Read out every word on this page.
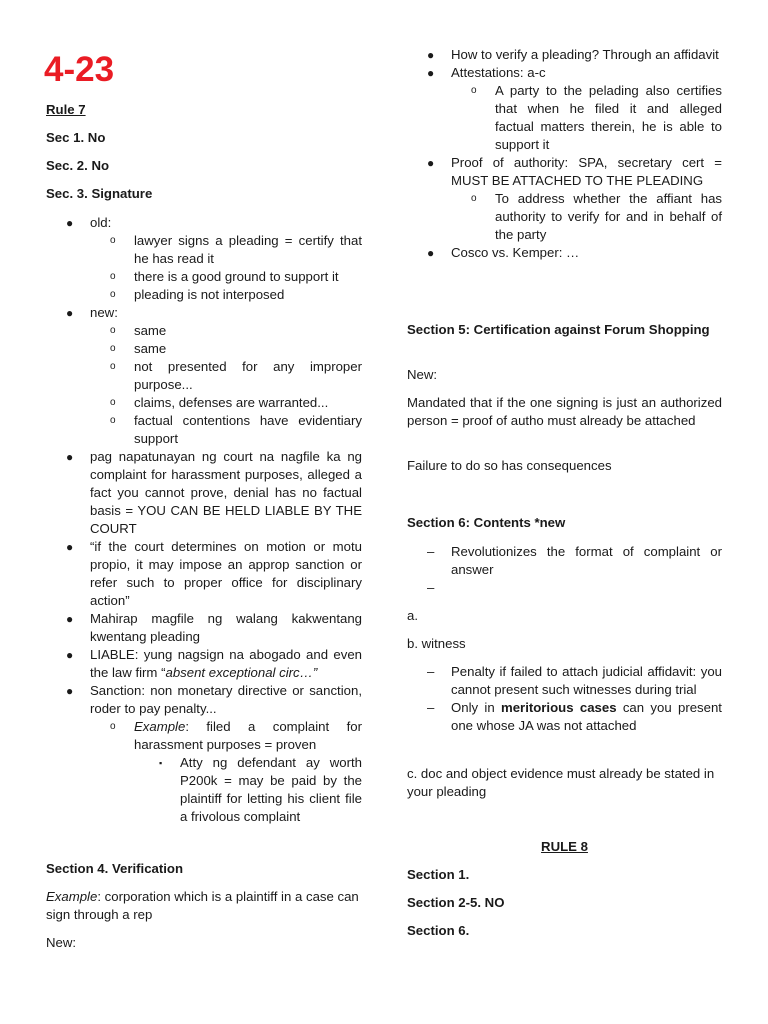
4-23

Rule 7

Sec 1. No

Sec. 2. No

Sec. 3. Signature

● old:
o lawyer signs a pleading = certify that he has read it
o there is a good ground to support it
o pleading is not interposed
● new:
o same
o same
o not presented for any improper purpose...
o claims, defenses are warranted...
o factual contentions have evidentiary support
● pag napatunayan ng court na nagfile ka ng complaint for harassment purposes, alleged a fact you cannot prove, denial has no factual basis = YOU CAN BE HELD LIABLE BY THE COURT
● “if the court determines on motion or motu propio, it may impose an approp sanction or refer such to proper office for disciplinary action”
● Mahirap magfile ng walang kakwentang kwentang pleading
● LIABLE: yung nagsign na abogado and even the law firm “absent exceptional circ…”
● Sanction: non monetary directive or sanction, roder to pay penalty...
o Example: filed a complaint for harassment purposes = proven
▪ Atty ng defendant ay worth P200k = may be paid by the plaintiff for letting his client file a frivolous complaint

Section 4. Verification

Example: corporation which is a plaintiff in a case can sign through a rep

New:

● How to verify a pleading? Through an affidavit
● Attestations: a-c
o A party to the pelading also certifies that when he filed it and alleged factual matters therein, he is able to support it
● Proof of authority: SPA, secretary cert = MUST BE ATTACHED TO THE PLEADING
o To address whether the affiant has authority to verify for and in behalf of the party
● Cosco vs. Kemper: …

Section 5: Certification against Forum Shopping

New:

Mandated that if the one signing is just an authorized person = proof of autho must already be attached

Failure to do so has consequences

Section 6: Contents *new

– Revolutionizes the format of complaint or answer
–

a.

b. witness

– Penalty if failed to attach judicial affidavit: you cannot present such witnesses during trial
– Only in meritorious cases can you present one whose JA was not attached

c. doc and object evidence must already be stated in your pleading

RULE 8

Section 1.

Section 2-5. NO

Section 6.
